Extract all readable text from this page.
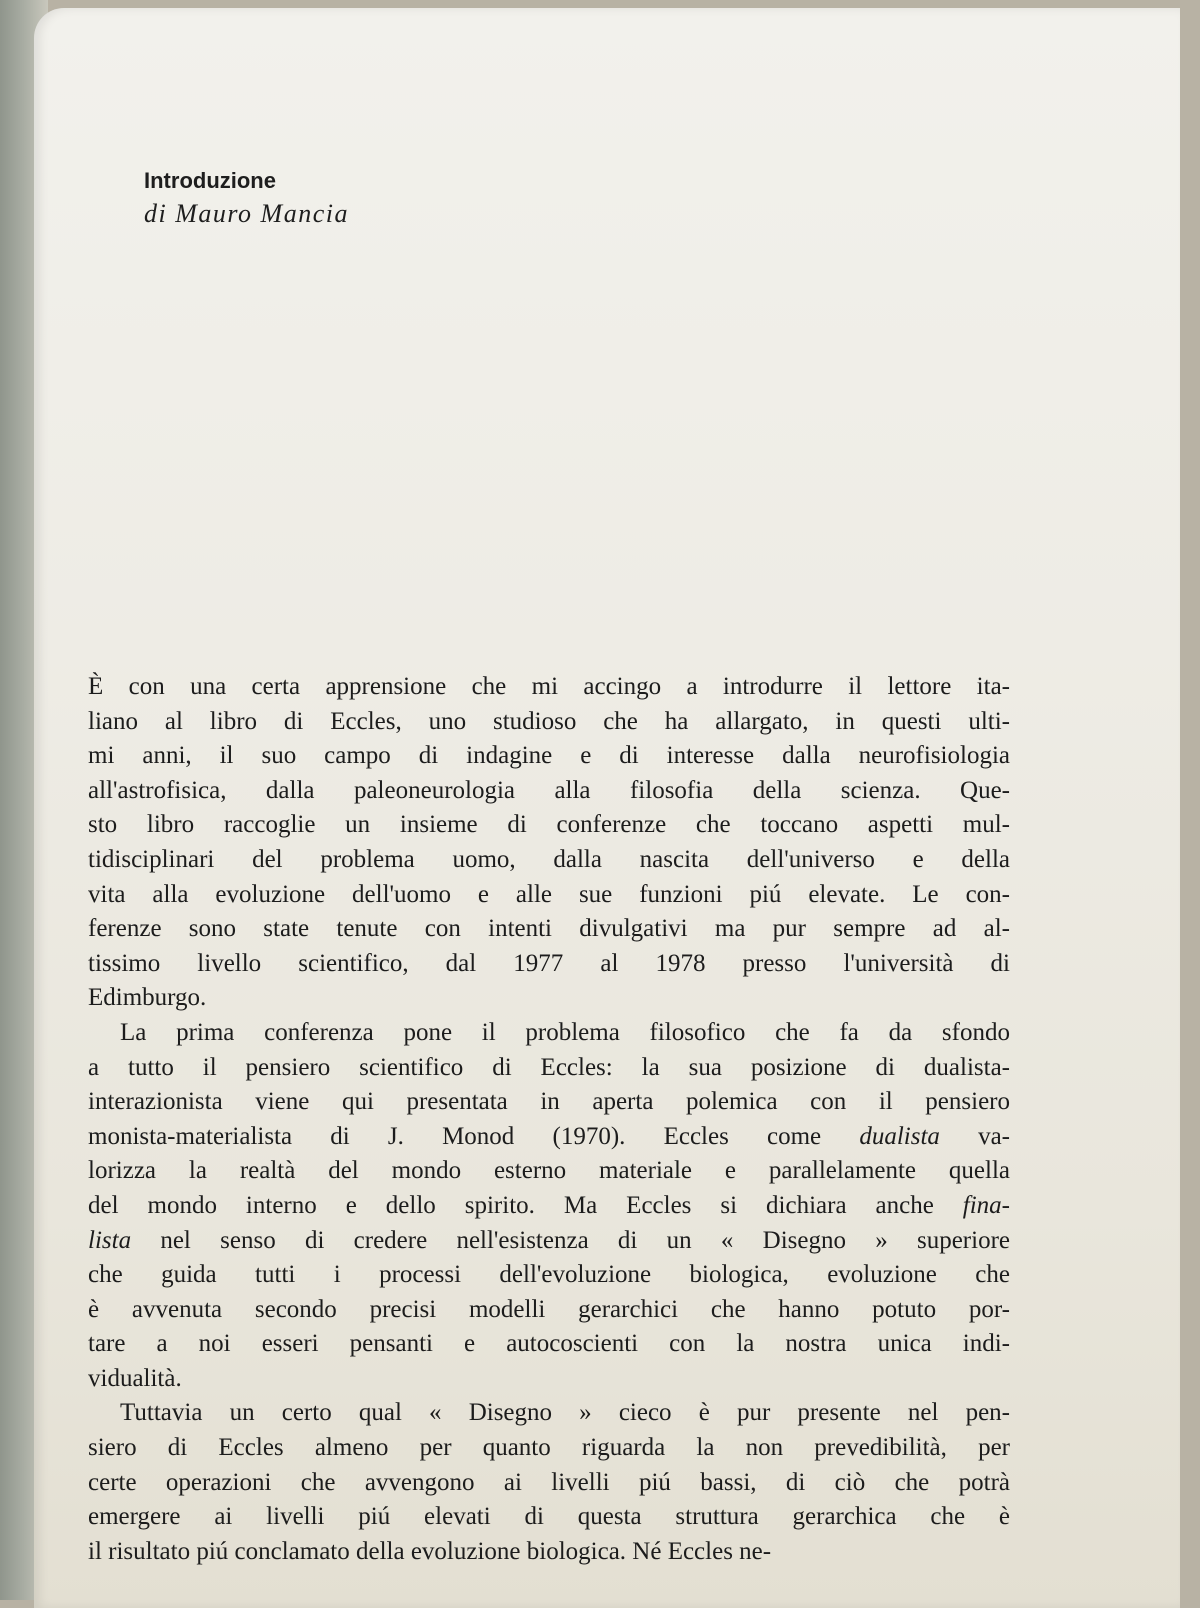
Introduzione
di Mauro Mancia
È con una certa apprensione che mi accingo a introdurre il lettore ita-
liano al libro di Eccles, uno studioso che ha allargato, in questi ulti-
mi anni, il suo campo di indagine e di interesse dalla neurofisiologia
all'astrofisica, dalla paleoneurologia alla filosofia della scienza. Que-
sto libro raccoglie un insieme di conferenze che toccano aspetti mul-
tidisciplinari del problema uomo, dalla nascita dell'universo e della
vita alla evoluzione dell'uomo e alle sue funzioni piú elevate. Le con-
ferenze sono state tenute con intenti divulgativi ma pur sempre ad al-
tissimo livello scientifico, dal 1977 al 1978 presso l'università di
Edimburgo.
La prima conferenza pone il problema filosofico che fa da sfondo
a tutto il pensiero scientifico di Eccles: la sua posizione di dualista-
interazionista viene qui presentata in aperta polemica con il pensiero
monista-materialista di J. Monod (1970). Eccles come dualista va-
lorizza la realtà del mondo esterno materiale e parallelamente quella
del mondo interno e dello spirito. Ma Eccles si dichiara anche fina-
lista nel senso di credere nell'esistenza di un « Disegno » superiore
che guida tutti i processi dell'evoluzione biologica, evoluzione che
è avvenuta secondo precisi modelli gerarchici che hanno potuto por-
tare a noi esseri pensanti e autocoscienti con la nostra unica indi-
vidualità.
Tuttavia un certo qual « Disegno » cieco è pur presente nel pen-
siero di Eccles almeno per quanto riguarda la non prevedibilità, per
certe operazioni che avvengono ai livelli piú bassi, di ciò che potrà
emergere ai livelli piú elevati di questa struttura gerarchica che è
il risultato piú conclamato della evoluzione biologica. Né Eccles ne-
